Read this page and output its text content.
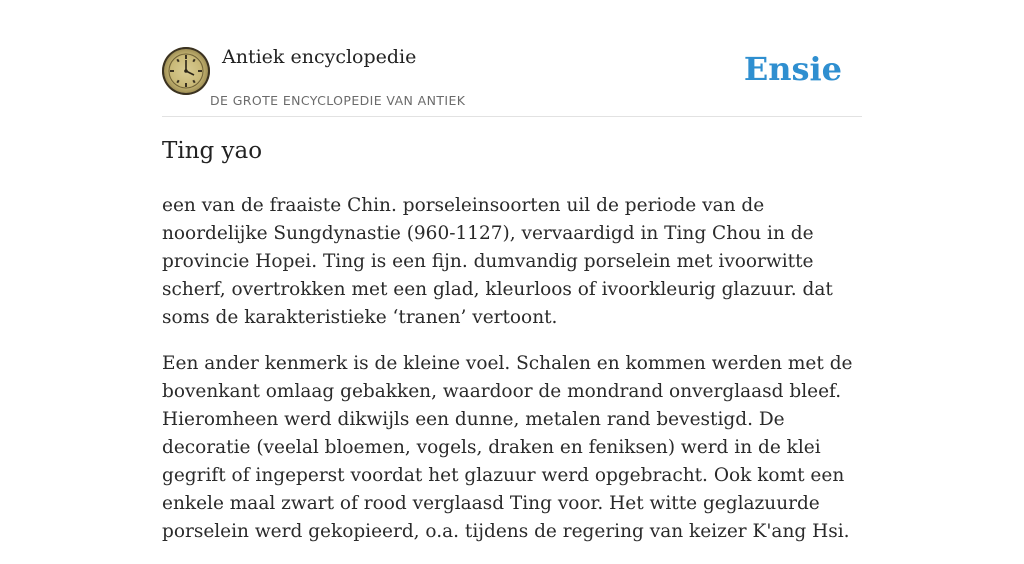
Antiek encyclopedie
DE GROTE ENCYCLOPEDIE VAN ANTIEK
Ensie
Ting yao

een van de fraaiste Chin. porseleinsoorten uil de periode van de noordelijke Sungdynastie (960-1127), vervaardigd in Ting Chou in de provincie Hopei. Ting is een fijn. dumvandig porselein met ivoorwitte scherf, overtrokken met een glad, kleurloos of ivoorkleurig glazuur. dat soms de karakteristieke ‘tranen’ vertoont.

Een ander kenmerk is de kleine voel. Schalen en kommen werden met de bovenkant omlaag gebakken, waardoor de mondrand onverglaasd bleef. Hieromheen werd dikwijls een dunne, metalen rand bevestigd. De decoratie (veelal bloemen, vogels, draken en feniksen) werd in de klei gegrift of ingeperst voordat het glazuur werd opgebracht. Ook komt een enkele maal zwart of rood verglaasd Ting voor. Het witte geglazuurde porselein werd gekopieerd, o.a. tijdens de regering van keizer K'ang Hsi.
